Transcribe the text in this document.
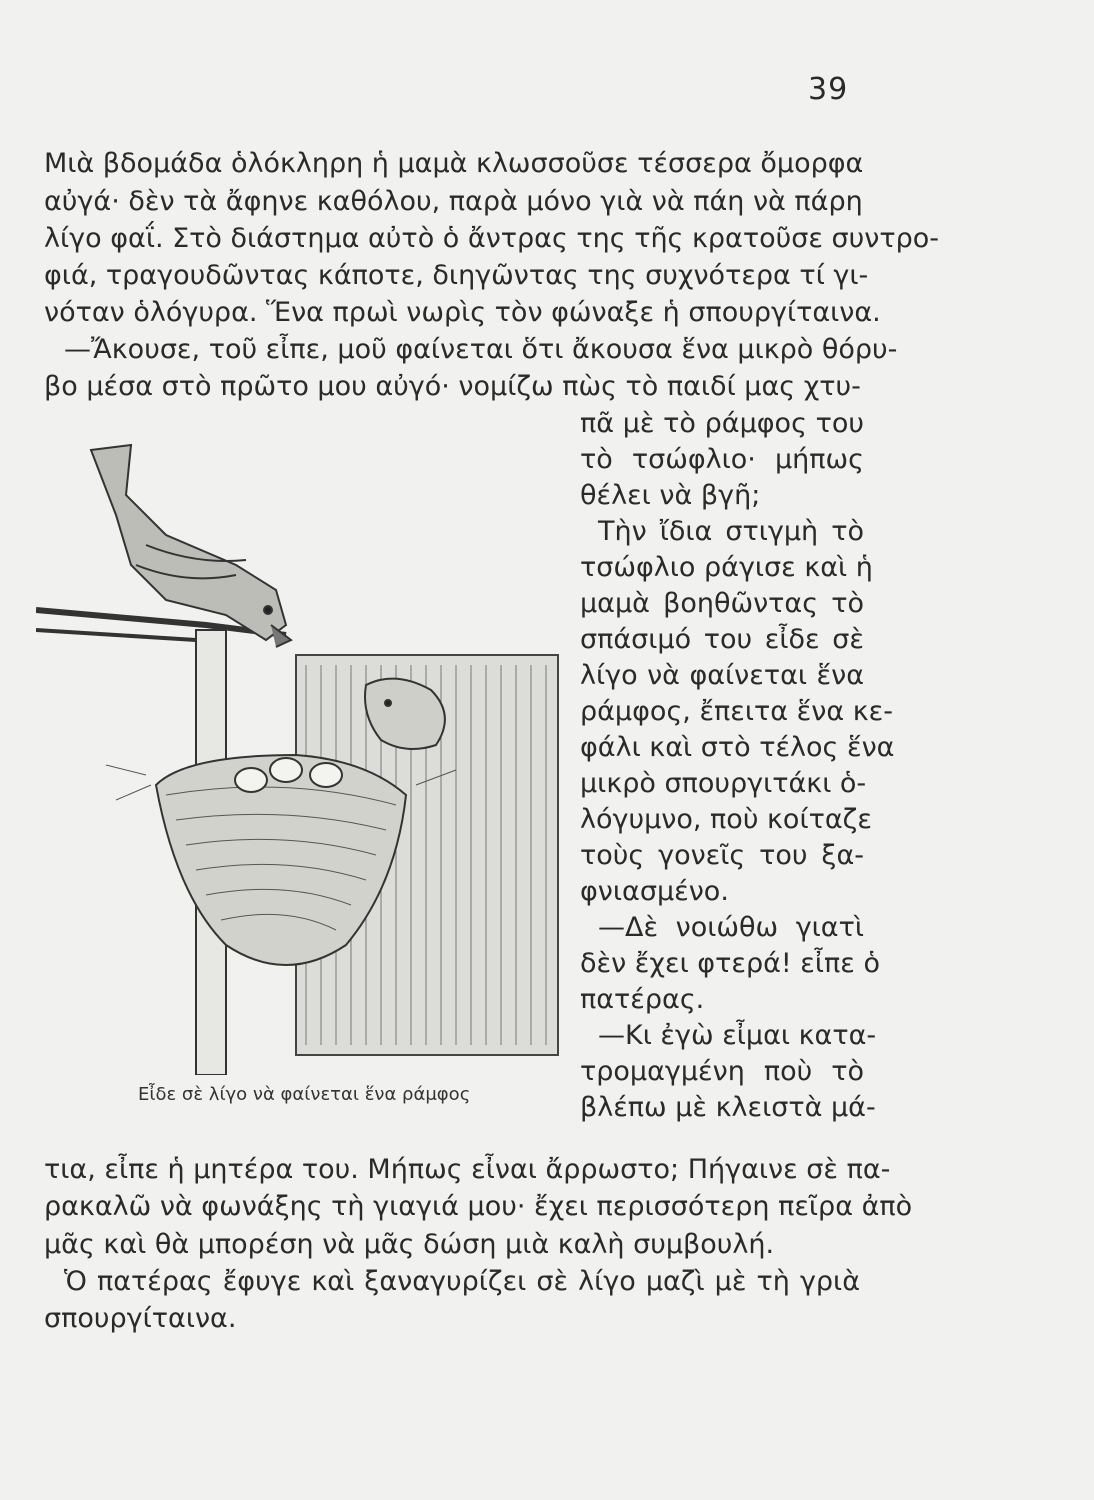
39
Μιὰ βδομάδα ὁλόκληρη ἡ μαμὰ κλωσσοῦσε τέσσερα ὄμορφα
αὐγά· δὲν τὰ ἄφηνε καθόλου, παρὰ μόνο γιὰ νὰ πάη νὰ πάρη
λίγο φαΐ. Στὸ διάστημα αὐτὸ ὁ ἄντρας της τῆς κρατοῦσε συντρο-
φιά, τραγουδῶντας κάποτε, διηγῶντας της συχνότερα τί γι-
νόταν ὁλόγυρα. Ἕνα πρωὶ νωρὶς τὸν φώναξε ἡ σπουργίταινα.
—Ἄκουσε, τοῦ εἶπε, μοῦ φαίνεται ὅτι ἄκουσα ἕνα μικρὸ θόρυ-
βο μέσα στὸ πρῶτο μου αὐγό· νομίζω πὼς τὸ παιδί μας χτυ-
πᾶ μὲ τὸ ράμφος του
τὸ τσώφλιο· μήπως
θέλει νὰ βγῆ;
Τὴν ἴδια στιγμὴ τὸ
τσώφλιο ράγισε καὶ ἡ
μαμὰ βοηθῶντας τὸ
σπάσιμό του εἶδε σὲ
λίγο νὰ φαίνεται ἕνα
ράμφος, ἔπειτα ἕνα κε-
φάλι καὶ στὸ τέλος ἕνα
μικρὸ σπουργιτάκι ὁ-
λόγυμνο, ποὺ κοίταζε
τοὺς γονεῖς του ξα-
φνιασμένο.
—Δὲ νοιώθω γιατὶ
δὲν ἔχει φτερά! εἶπε ὁ
πατέρας.
—Κι ἐγὼ εἶμαι κατα-
τρομαγμένη ποὺ τὸ
βλέπω μὲ κλειστὰ μά-
Εἶδε σὲ λίγο νὰ φαίνεται ἕνα ράμφος
τια, εἶπε ἡ μητέρα του. Μήπως εἶναι ἄρρωστο; Πήγαινε σὲ πα-
ρακαλῶ νὰ φωνάξης τὴ γιαγιά μου· ἔχει περισσότερη πεῖρα ἀπὸ
μᾶς καὶ θὰ μπορέση νὰ μᾶς δώση μιὰ καλὴ συμβουλή.
Ὁ πατέρας ἔφυγε καὶ ξαναγυρίζει σὲ λίγο μαζὶ μὲ τὴ γριὰ
σπουργίταινα.
